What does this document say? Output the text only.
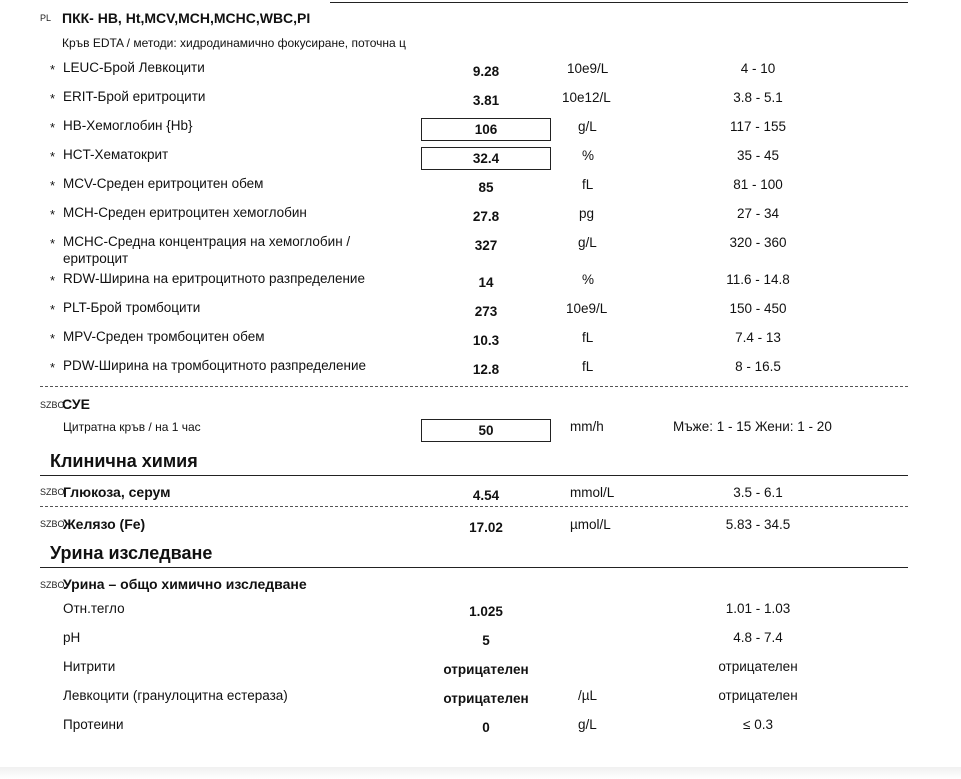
PL ПКК- HB, Ht,MCV,MCH,MCHC,WBC,PI
Кръв EDTA / методи: хидродинамично фокусиране, поточна ц
* LEUC-Брой Левкоцити	9.28	10e9/L	4 - 10
* ERIT-Брой еритроцити	3.81	10e12/L	3.8 - 5.1
* HB-Хемоглобин {Hb}	106	g/L	117 - 155
* HCT-Хематокрит	32.4	%	35 - 45
* MCV-Среден еритроцитен обем	85	fL	81 - 100
* MCH-Среден еритроцитен хемоглобин	27.8	pg	27 - 34
* MCHC-Средна концентрация на хемоглобин /
еритроцит
327	g/L	320 - 360
* RDW-Ширина на еритроцитното разпределение	14	%	11.6 - 14.8
* PLT-Брой тромбоцити	273	10e9/L	150 - 450
* MPV-Среден тромбоцитен обем	10.3	fL	7.4 - 13
* PDW-Ширина на тромбоцитното разпределение	12.8	fL	8 - 16.5
SZBO
СУЕ
Цитратна кръв / на 1 час	50	mm/h	Мъже: 1 - 15 Жени: 1 - 20
Клинична химия
SZBO
Глюкоза, серум	4.54	mmol/L	3.5 - 6.1
SZBO
Желязо (Fe)	17.02	µmol/L	5.83 - 34.5
Урина изследване
SZBO
Урина – общо химично изследване
Отн.тегло	1.025	1.01 - 1.03
pH	5	4.8 - 7.4
Нитрити	отрицателен	отрицателен
Левкоцити (гранулоцитна естераза)	отрицателен	/µL	отрицателен
Протеини	0	g/L	≤ 0.3
